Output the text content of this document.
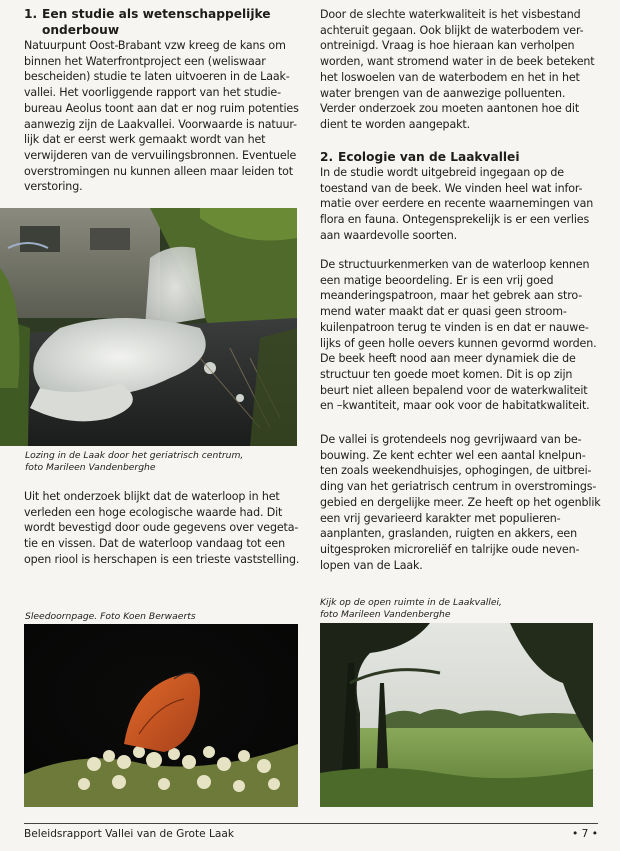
1. Een studie als wetenschappelijke
onderbouw

Natuurpunt Oost-Brabant vzw kreeg de kans om

binnen het Waterfrontproject een (weliswaar

bescheiden) studie te laten uitvoeren in de Laak-

vallei. Het voorliggende rapport van het studie-

bureau Aeolus toont aan dat er nog ruim potenties

aanwezig zijn de Laakvallei. Voorwaarde is natuur-

lijk dat er eerst werk gemaakt wordt van het

verwijderen van de vervuilingsbronnen. Eventuele

overstromingen nu kunnen alleen maar leiden tot

verstoring.

Lozing in de Laak door het geriatrisch centrum,
foto Marileen Vandenberghe

Uit het onderzoek blijkt dat de waterloop in het

verleden een hoge ecologische waarde had. Dit

wordt bevestigd door oude gegevens over vegeta-

tie en vissen. Dat de waterloop vandaag tot een

open riool is herschapen is een trieste vaststelling.

Sleedoornpage. Foto Koen Berwaerts

Door de slechte waterkwaliteit is het visbestand

achteruit gegaan. Ook blijkt de waterbodem ver-

ontreinigd. Vraag is hoe hieraan kan verholpen

worden, want stromend water in de beek betekent

het loswoelen van de waterbodem en het in het

water brengen van de aanwezige polluenten.

Verder onderzoek zou moeten aantonen hoe dit

dient te worden aangepakt.

2. Ecologie van de Laakvallei

In de studie wordt uitgebreid ingegaan op de

toestand van de beek. We vinden heel wat infor-

matie over eerdere en recente waarnemingen van

flora en fauna. Ontegensprekelijk is er een verlies

aan waardevolle soorten.

De structuurkenmerken van de waterloop kennen

een matige beoordeling. Er is een vrij goed

meanderingspatroon, maar het gebrek aan stro-

mend water maakt dat er quasi geen stroom-

kuilenpatroon terug te vinden is en dat er nauwe-

lijks of geen holle oevers kunnen gevormd worden.

De beek heeft nood aan meer dynamiek die de

structuur ten goede moet komen. Dit is op zijn

beurt niet alleen bepalend voor de waterkwaliteit

en –kwantiteit, maar ook voor de habitatkwaliteit.

De vallei is grotendeels nog gevrijwaard van be-

bouwing. Ze kent echter wel een aantal knelpun-

ten zoals weekendhuisjes, ophogingen, de uitbrei-

ding van het geriatrisch centrum in overstromings-

gebied en dergelijke meer. Ze heeft op het ogenblik

een vrij gevarieerd karakter met populieren-

aanplanten, graslanden, ruigten en akkers, een

uitgesproken microreliëf en talrijke oude neven-

lopen van de Laak.

Kijk op de open ruimte in de Laakvallei,
foto Marileen Vandenberghe
Beleidsrapport Vallei van de Grote Laak	• 7 •
